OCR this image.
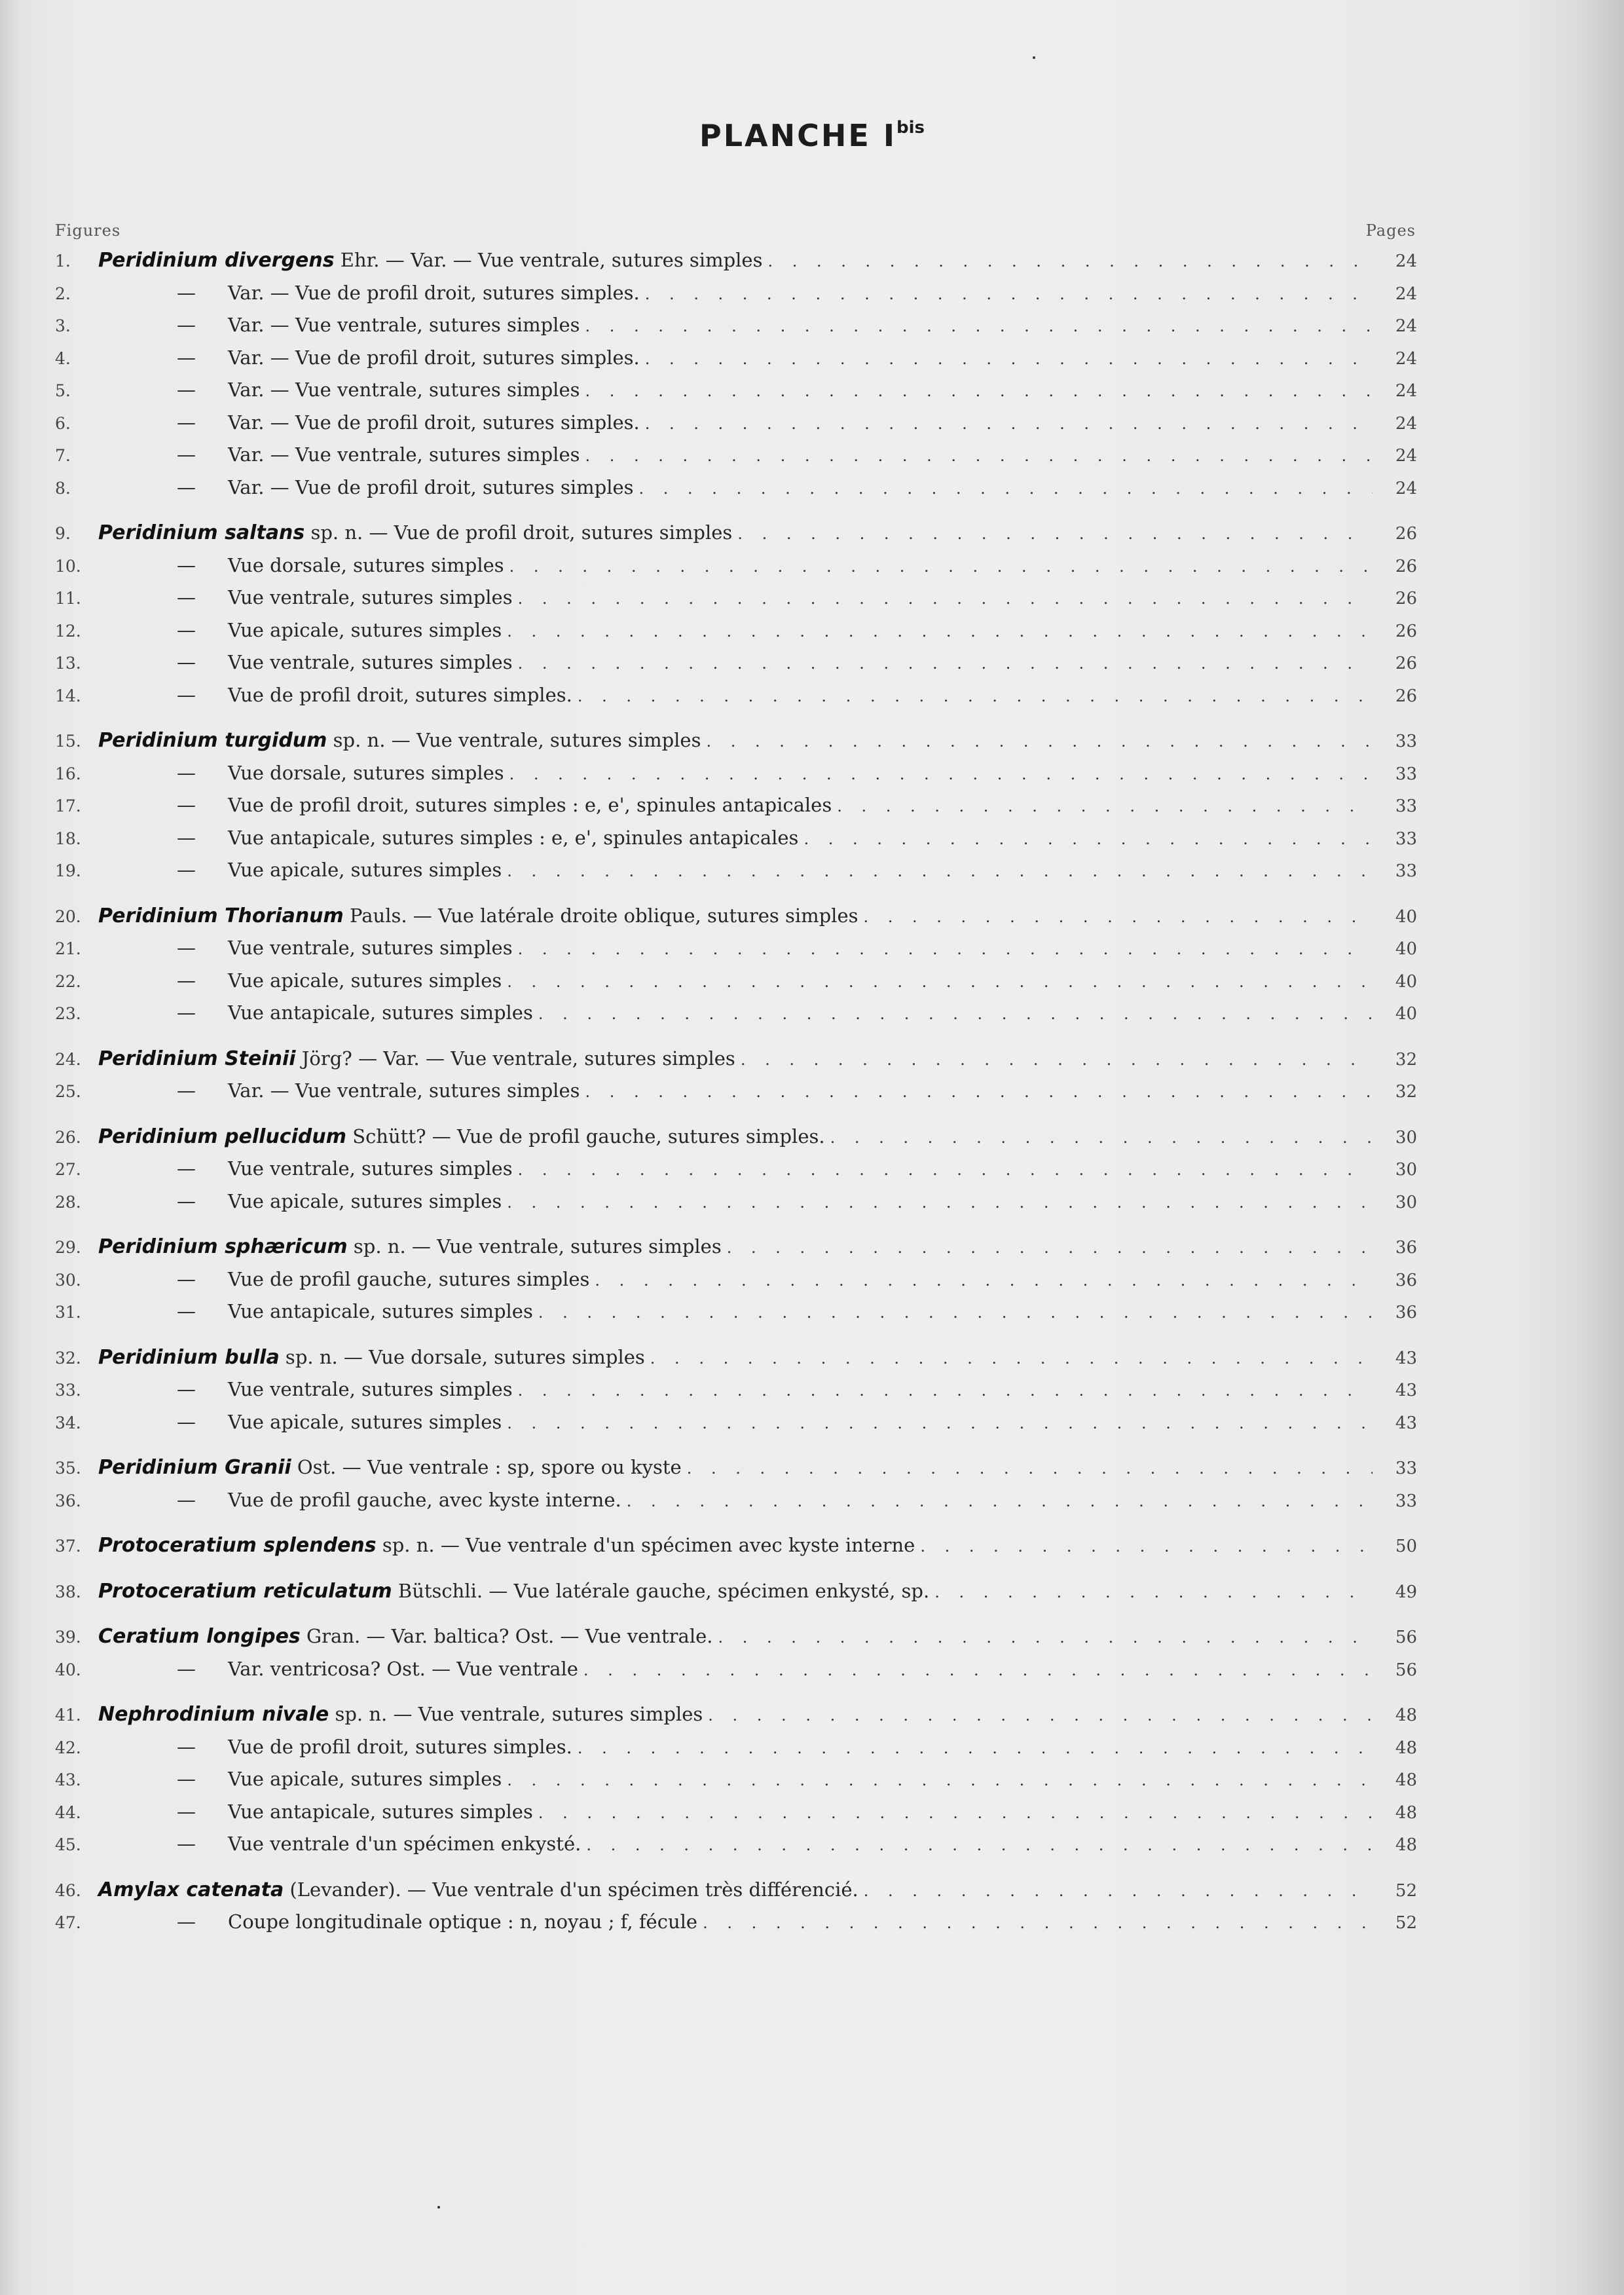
PLANCHE $I^{bis}$
Figures	Pages
1.	Peridinium divergens Ehr. — Var. — Vue ventrale, sutures simples . . .	24
2.	— Var. — Vue de profil droit, sutures simples. . . .	24
3.	— Var. — Vue ventrale, sutures simples . . .	24
4.	— Var. — Vue de profil droit, sutures simples. . . .	24
5.	— Var. — Vue ventrale, sutures simples . . .	24
6.	— Var. — Vue de profil droit, sutures simples. . . .	24
7.	— Var. — Vue ventrale, sutures simples . . .	24
8.	— Var. — Vue de profil droit, sutures simples . . .	24
9.	Peridinium saltans sp. n. — Vue de profil droit, sutures simples . . .	26
10.	— Vue dorsale, sutures simples . . .	26
11.	— Vue ventrale, sutures simples . . .	26
12.	— Vue apicale, sutures simples . . .	26
13.	— Vue ventrale, sutures simples . . .	26
14.	— Vue de profil droit, sutures simples. . . .	26
15. Peridinium turgidum sp. n. — Vue ventrale, sutures simples . . .	33
16.	— Vue dorsale, sutures simples . . .	33
17.	— Vue de profil droit, sutures simples : e, e', spinules antapicales . . .	33
18.	— Vue antapicale, sutures simples : e, e', spinules antapicales . . .	33
19.	— Vue apicale, sutures simples . . .	33
20. Peridinium Thorianum Pauls. — Vue latérale droite oblique, sutures simples . . .	40
21.	— Vue ventrale, sutures simples . . .	40
22.	— Vue apicale, sutures simples . . .	40
23.	— Vue antapicale, sutures simples . . .	40
24. Peridinium Steinii Jörg? — Var. — Vue ventrale, sutures simples . . .	32
25.	— Var. — Vue ventrale, sutures simples . . .	32
26. Peridinium pellucidum Schütt? — Vue de profil gauche, sutures simples. . . .	30
27.	— Vue ventrale, sutures simples . . .	30
28.	— Vue apicale, sutures simples . . .	30
29. Peridinium sphæricum sp. n. — Vue ventrale, sutures simples . . .	36
30.	— Vue de profil gauche, sutures simples . . .	36
31.	— Vue antapicale, sutures simples . . .	36
32. Peridinium bulla sp. n. — Vue dorsale, sutures simples . . .	43
33.	— Vue ventrale, sutures simples . . .	43
34.	— Vue apicale, sutures simples . . .	43
35. Peridinium Granii Ost. — Vue ventrale : sp, spore ou kyste . . .	33
36.	— Vue de profil gauche, avec kyste interne. . . .	33
37. Protoceratium splendens sp. n. — Vue ventrale d'un spécimen avec kyste interne . . .	50
38. Protoceratium reticulatum Bütschli. — Vue latérale gauche, spécimen enkysté, sp. . . .	49
39. Ceratium longipes Gran. — Var. baltica? Ost. — Vue ventrale. . . .	56
40.	— Var. ventricosa? Ost. — Vue ventrale . . .	56
41. Nephrodinium nivale sp. n. — Vue ventrale, sutures simples . . .	48
42.	— Vue de profil droit, sutures simples. . . .	48
43.	— Vue apicale, sutures simples . . .	48
44.	— Vue antapicale, sutures simples . . .	48
45.	— Vue ventrale d'un spécimen enkysté. . . .	48
46. Amylax catenata (Levander). — Vue ventrale d'un spécimen très différencié. . . .	52
47.	— Coupe longitudinale optique : n, noyau ; f, fécule . . .	52
